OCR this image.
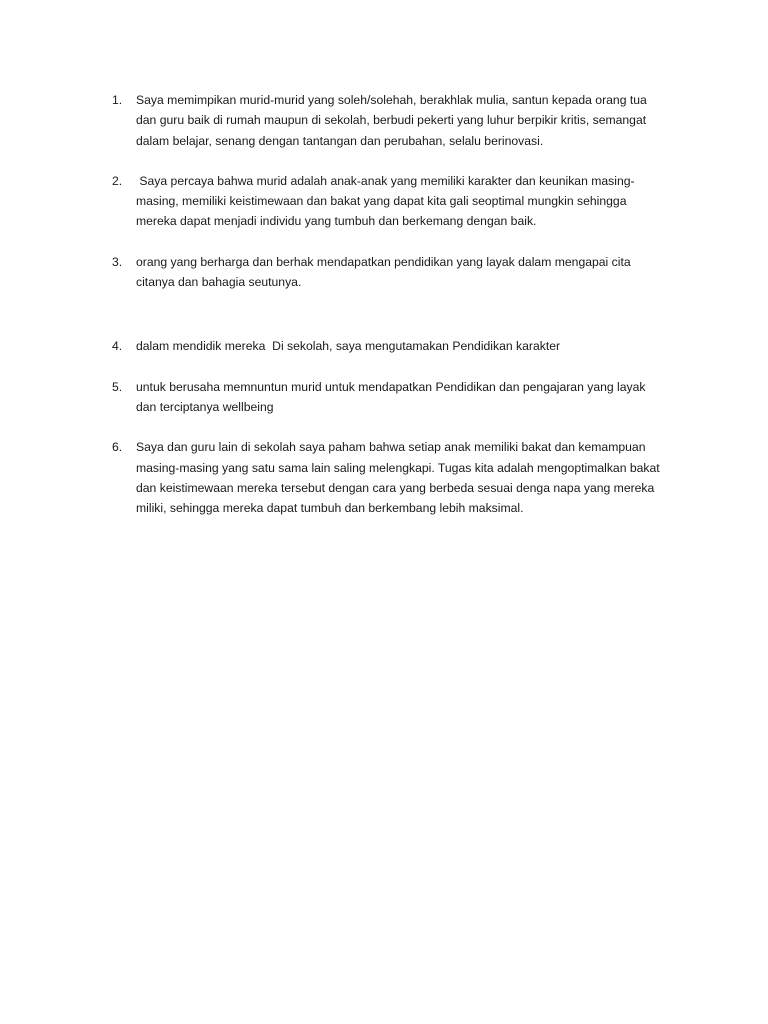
1. Saya memimpikan murid-murid yang soleh/solehah, berakhlak mulia, santun kepada orang tua
dan guru baik di rumah maupun di sekolah, berbudi pekerti yang luhur berpikir kritis, semangat
dalam belajar, senang dengan tantangan dan perubahan, selalu berinovasi.
2. Saya percaya bahwa murid adalah anak-anak yang memiliki karakter dan keunikan masing-
masing, memiliki keistimewaan dan bakat yang dapat kita gali seoptimal mungkin sehingga
mereka dapat menjadi individu yang tumbuh dan berkemang dengan baik.
3. orang yang berharga dan berhak mendapatkan pendidikan yang layak dalam mengapai cita
citanya dan bahagia seutunya.
4. dalam mendidik mereka  Di sekolah, saya mengutamakan Pendidikan karakter
5. untuk berusaha memnuntun murid untuk mendapatkan Pendidikan dan pengajaran yang layak
dan terciptanya wellbeing
6. Saya dan guru lain di sekolah saya paham bahwa setiap anak memiliki bakat dan kemampuan
masing-masing yang satu sama lain saling melengkapi. Tugas kita adalah mengoptimalkan bakat
dan keistimewaan mereka tersebut dengan cara yang berbeda sesuai denga napa yang mereka
miliki, sehingga mereka dapat tumbuh dan berkembang lebih maksimal.
